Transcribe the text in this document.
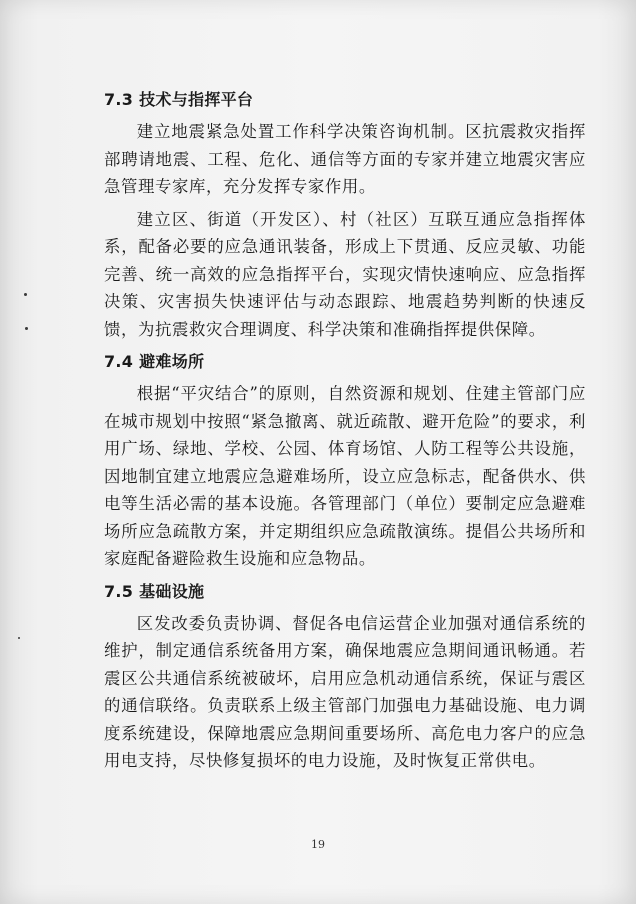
7.3 技术与指挥平台

建立地震紧急处置工作科学决策咨询机制。区抗震救灾指挥部聘请地震、工程、危化、通信等方面的专家并建立地震灾害应急管理专家库，充分发挥专家作用。

建立区、街道（开发区）、村（社区）互联互通应急指挥体系，配备必要的应急通讯装备，形成上下贯通、反应灵敏、功能完善、统一高效的应急指挥平台，实现灾情快速响应、应急指挥决策、灾害损失快速评估与动态跟踪、地震趋势判断的快速反馈，为抗震救灾合理调度、科学决策和准确指挥提供保障。

7.4 避难场所

根据“平灾结合”的原则，自然资源和规划、住建主管部门应在城市规划中按照“紧急撤离、就近疏散、避开危险”的要求，利用广场、绿地、学校、公园、体育场馆、人防工程等公共设施，因地制宜建立地震应急避难场所，设立应急标志，配备供水、供电等生活必需的基本设施。各管理部门（单位）要制定应急避难场所应急疏散方案，并定期组织应急疏散演练。提倡公共场所和家庭配备避险救生设施和应急物品。

7.5 基础设施

区发改委负责协调、督促各电信运营企业加强对通信系统的维护，制定通信系统备用方案，确保地震应急期间通讯畅通。若震区公共通信系统被破坏，启用应急机动通信系统，保证与震区的通信联络。负责联系上级主管部门加强电力基础设施、电力调度系统建设，保障地震应急期间重要场所、高危电力客户的应急用电支持，尽快修复损坏的电力设施，及时恢复正常供电。

19
